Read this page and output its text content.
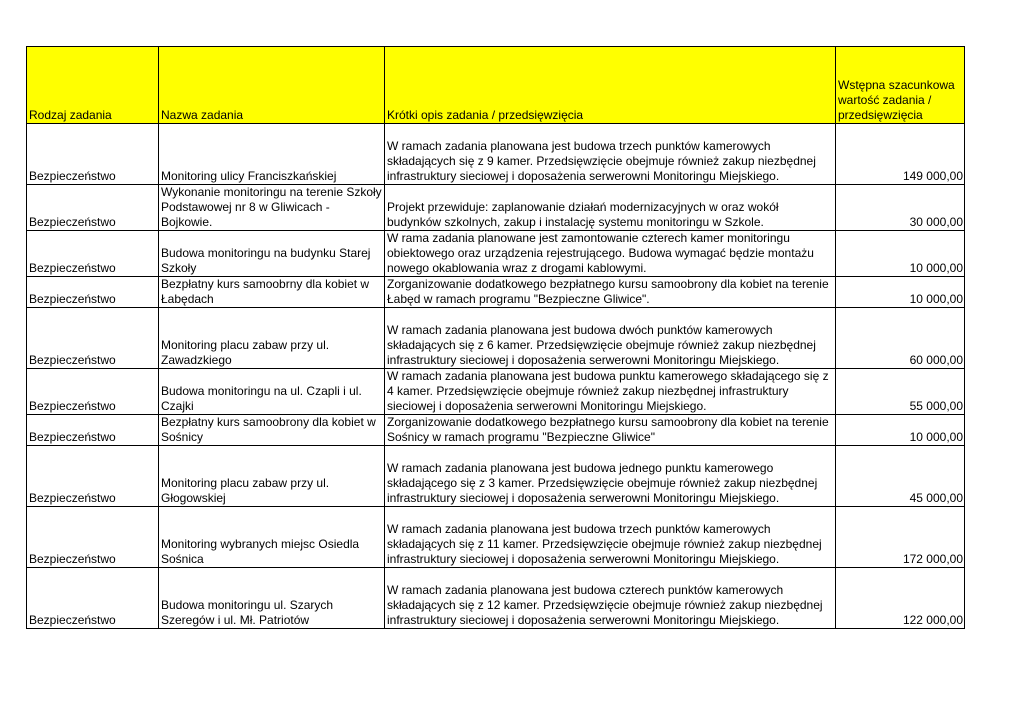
Rodzaj zadania	Nazwa zadania	Krótki opis zadania / przedsięwzięcia	Wstępna szacunkowa wartość zadania / przedsięwzięcia
Bezpieczeństwo	Monitoring ulicy Franciszkańskiej	W ramach zadania planowana jest budowa trzech punktów kamerowych składających się z 9 kamer. Przedsięwzięcie obejmuje również zakup niezbędnej infrastruktury sieciowej i doposażenia serwerowni Monitoringu Miejskiego.	149 000,00
Bezpieczeństwo	Wykonanie monitoringu na terenie Szkoły Podstawowej nr 8 w Gliwicach - Bojkowie.	Projekt przewiduje: zaplanowanie działań modernizacyjnych w oraz wokół budynków szkolnych, zakup i instalację systemu monitoringu w Szkole.	30 000,00
Bezpieczeństwo	Budowa monitoringu na budynku Starej Szkoły	W rama zadania planowane jest zamontowanie czterech kamer monitoringu obiektowego oraz urządzenia rejestrującego. Budowa wymagać będzie montażu nowego okablowania wraz z drogami kablowymi.	10 000,00
Bezpieczeństwo	Bezpłatny kurs samoobrny dla kobiet w Łabędach	Zorganizowanie dodatkowego bezpłatnego kursu samoobrony dla kobiet na terenie Łabęd w ramach programu "Bezpieczne Gliwice".	10 000,00
Bezpieczeństwo	Monitoring placu zabaw przy ul. Zawadzkiego	W ramach zadania planowana jest budowa dwóch punktów kamerowych składających się z 6 kamer. Przedsięwzięcie obejmuje również zakup niezbędnej infrastruktury sieciowej i doposażenia serwerowni Monitoringu Miejskiego.	60 000,00
Bezpieczeństwo	Budowa monitoringu na ul. Czapli i ul. Czajki	W ramach zadania planowana jest budowa punktu kamerowego składającego się z 4 kamer. Przedsięwzięcie obejmuje również zakup niezbędnej infrastruktury sieciowej i doposażenia serwerowni Monitoringu Miejskiego.	55 000,00
Bezpieczeństwo	Bezpłatny kurs samoobrony dla kobiet w Sośnicy	Zorganizowanie dodatkowego bezpłatnego kursu samoobrony dla kobiet na terenie Sośnicy w ramach programu "Bezpieczne Gliwice"	10 000,00
Bezpieczeństwo	Monitoring placu zabaw przy ul. Głogowskiej	W ramach zadania planowana jest budowa jednego punktu kamerowego składającego się z 3 kamer. Przedsięwzięcie obejmuje również zakup niezbędnej infrastruktury sieciowej i doposażenia serwerowni Monitoringu Miejskiego.	45 000,00
Bezpieczeństwo	Monitoring wybranych miejsc Osiedla Sośnica	W ramach zadania planowana jest budowa trzech punktów kamerowych składających się z 11 kamer. Przedsięwzięcie obejmuje również zakup niezbędnej infrastruktury sieciowej i doposażenia serwerowni Monitoringu Miejskiego.	172 000,00
Bezpieczeństwo	Budowa monitoringu ul. Szarych Szeregów i ul. Mł. Patriotów	W ramach zadania planowana jest budowa czterech punktów kamerowych składających się z 12 kamer. Przedsięwzięcie obejmuje również zakup niezbędnej infrastruktury sieciowej i doposażenia serwerowni Monitoringu Miejskiego.	122 000,00
